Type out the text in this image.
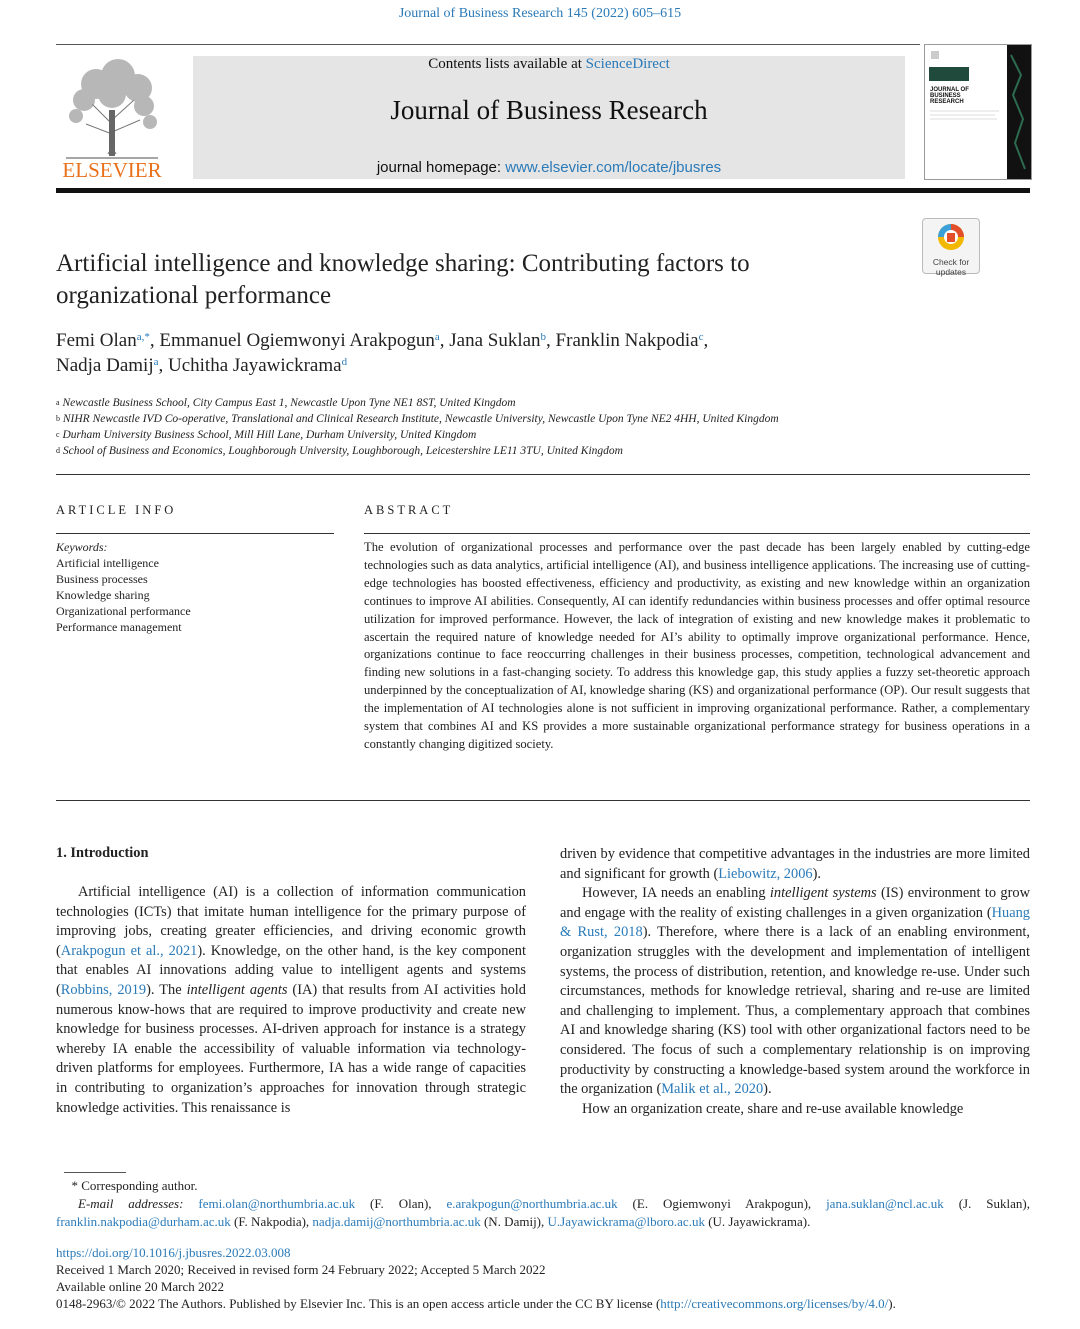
Journal of Business Research 145 (2022) 605–615
ELSEVIER
Contents lists available at ScienceDirect
Journal of Business Research
journal homepage: www.elsevier.com/locate/jbusres
JOURNAL OF
BUSINESS
RESEARCH
Check for
updates
Artificial intelligence and knowledge sharing: Contributing factors to organizational performance
Femi Olan$^{a,*}$, Emmanuel Ogiemwonyi Arakpogun$^a$, Jana Suklan$^b$, Franklin Nakpodia$^c$,
Nadja Damij$^a$, Uchitha Jayawickrama$^d$
$^a$ Newcastle Business School, City Campus East 1, Newcastle Upon Tyne NE1 8ST, United Kingdom
$^b$ NIHR Newcastle IVD Co-operative, Translational and Clinical Research Institute, Newcastle University, Newcastle Upon Tyne NE2 4HH, United Kingdom
$^c$ Durham University Business School, Mill Hill Lane, Durham University, United Kingdom
$^d$ School of Business and Economics, Loughborough University, Loughborough, Leicestershire LE11 3TU, United Kingdom
ARTICLE INFO	ABSTRACT
Keywords:
Artificial intelligence
Business processes
Knowledge sharing
Organizational performance
Performance management
The evolution of organizational processes and performance over the past decade has been largely enabled by cutting-edge technologies such as data analytics, artificial intelligence (AI), and business intelligence applications. The increasing use of cutting-edge technologies has boosted effectiveness, efficiency and productivity, as existing and new knowledge within an organization continues to improve AI abilities. Consequently, AI can identify redundancies within business processes and offer optimal resource utilization for improved performance. However, the lack of integration of existing and new knowledge makes it problematic to ascertain the required nature of knowledge needed for AI’s ability to optimally improve organizational performance. Hence, organizations continue to face reoccurring challenges in their business processes, competition, technological advancement and finding new solutions in a fast-changing society. To address this knowledge gap, this study applies a fuzzy set-theoretic approach underpinned by the conceptualization of AI, knowledge sharing (KS) and organizational performance (OP). Our result suggests that the implementation of AI technologies alone is not sufficient in improving organizational performance. Rather, a complementary system that combines AI and KS provides a more sustainable organizational performance strategy for business operations in a constantly changing digitized society.
1. Introduction

Artificial intelligence (AI) is a collection of information communication technologies (ICTs) that imitate human intelligence for the primary purpose of improving jobs, creating greater efficiencies, and driving economic growth (Arakpogun et al., 2021). Knowledge, on the other hand, is the key component that enables AI innovations adding value to intelligent agents and systems (Robbins, 2019). The intelligent agents (IA) that results from AI activities hold numerous know-hows that are required to improve productivity and create new knowledge for business processes. AI-driven approach for instance is a strategy whereby IA enable the accessibility of valuable information via technology-driven platforms for employees. Furthermore, IA has a wide range of capacities in contributing to organization’s approaches for innovation through strategic knowledge activities. This renaissance is

driven by evidence that competitive advantages in the industries are more limited and significant for growth (Liebowitz, 2006).

However, IA needs an enabling intelligent systems (IS) environment to grow and engage with the reality of existing challenges in a given organization (Huang & Rust, 2018). Therefore, where there is a lack of an enabling environment, organization struggles with the development and implementation of intelligent systems, the process of distribution, retention, and knowledge re-use. Under such circumstances, methods for knowledge retrieval, sharing and re-use are limited and challenging to implement. Thus, a complementary approach that combines AI and knowledge sharing (KS) tool with other organizational factors need to be considered. The focus of such a complementary relationship is on improving productivity by constructing a knowledge-based system around the workforce in the organization (Malik et al., 2020).

How an organization create, share and re-use available knowledge

* Corresponding author.
E-mail addresses: femi.olan@northumbria.ac.uk (F. Olan), e.arakpogun@northumbria.ac.uk (E. Ogiemwonyi Arakpogun), jana.suklan@ncl.ac.uk (J. Suklan), franklin.nakpodia@durham.ac.uk (F. Nakpodia), nadja.damij@northumbria.ac.uk (N. Damij), U.Jayawickrama@lboro.ac.uk (U. Jayawickrama).
https://doi.org/10.1016/j.jbusres.2022.03.008
Received 1 March 2020; Received in revised form 24 February 2022; Accepted 5 March 2022
Available online 20 March 2022
0148-2963/© 2022 The Authors. Published by Elsevier Inc. This is an open access article under the CC BY license (http://creativecommons.org/licenses/by/4.0/).
